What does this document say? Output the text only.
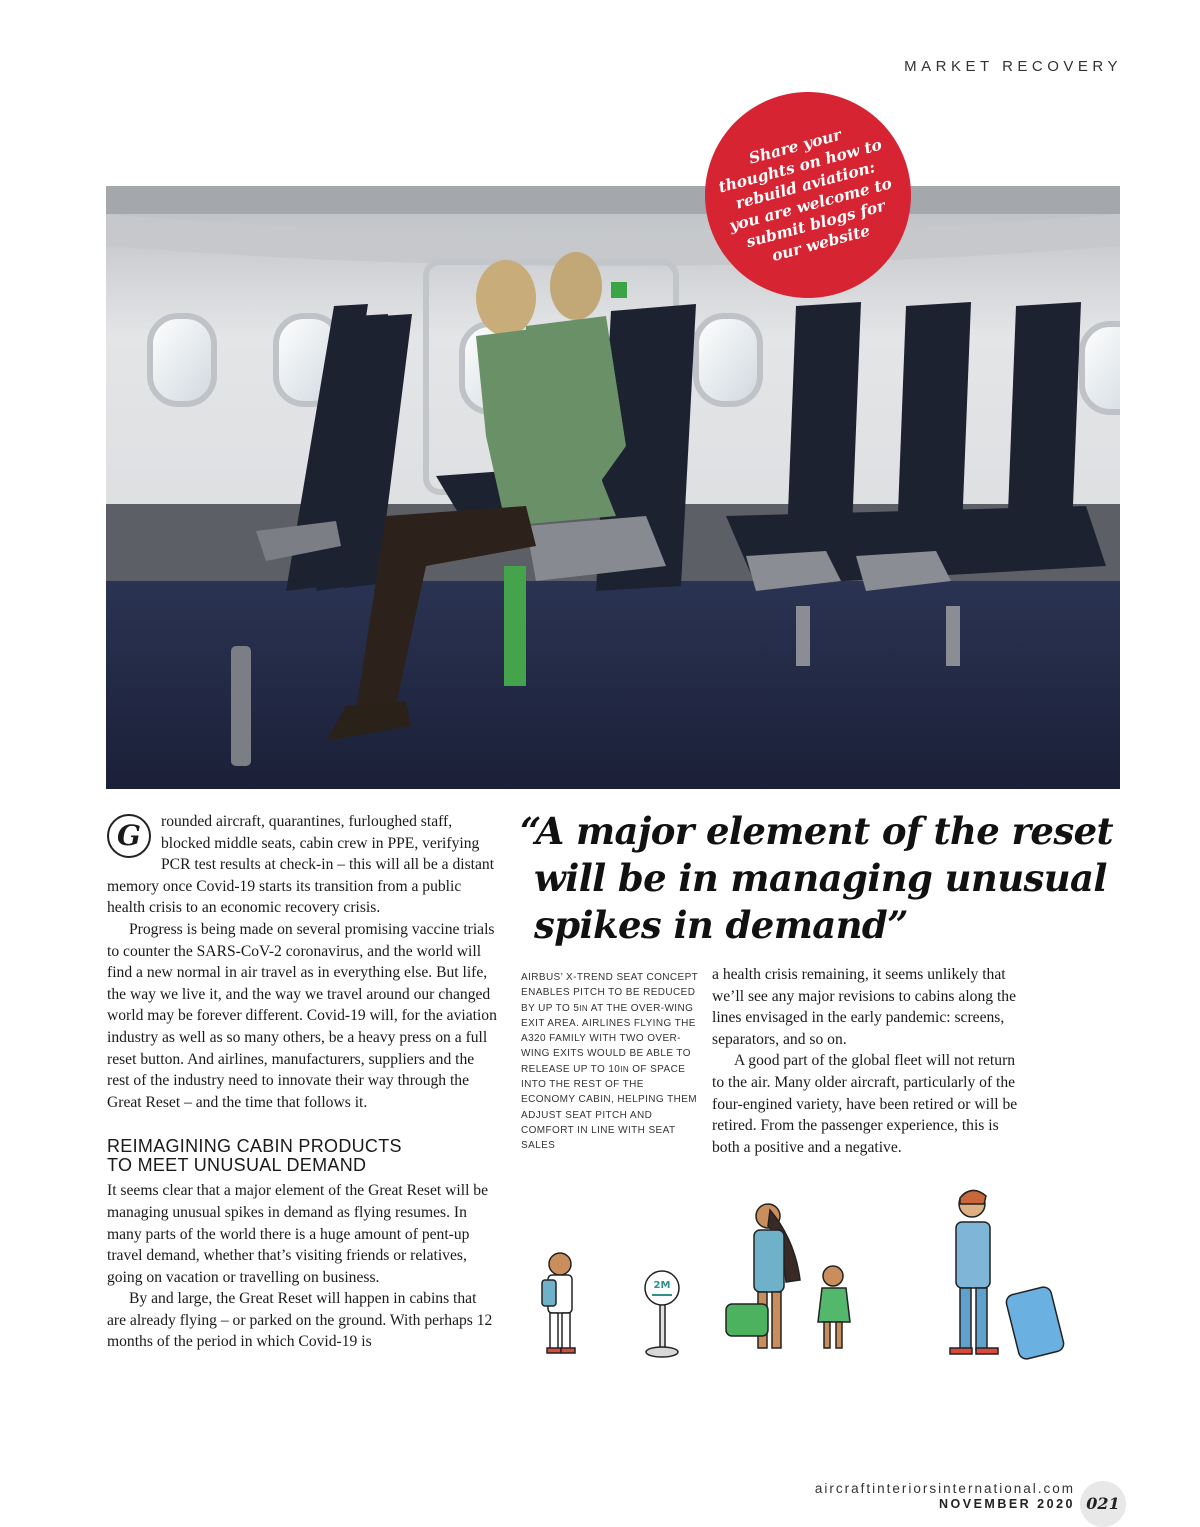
MARKET RECOVERY
Share your thoughts on how to rebuild aviation: you are welcome to submit blogs for our website

G	rounded aircraft, quarantines, furloughed staff, blocked middle seats, cabin crew in PPE, verifying PCR test results at check-in – this will all be a distant memory once Covid-19 starts its transition from a public health crisis to an economic recovery crisis.

Progress is being made on several promising vaccine trials to counter the SARS-CoV-2 coronavirus, and the world will find a new normal in air travel as in everything else. But life, the way we live it, and the way we travel around our changed world may be forever different. Covid-19 will, for the aviation industry as well as so many others, be a heavy press on a full reset button. And airlines, manufacturers, suppliers and the rest of the industry need to innovate their way through the Great Reset – and the time that follows it.

REIMAGINING CABIN PRODUCTS
TO MEET UNUSUAL DEMAND

It seems clear that a major element of the Great Reset will be managing unusual spikes in demand as flying resumes. In many parts of the world there is a huge amount of pent-up travel demand, whether that’s visiting friends or relatives, going on vacation or travelling on business.

By and large, the Great Reset will happen in cabins that are already flying – or parked on the ground. With perhaps 12 months of the period in which Covid-19 is

“A major element of the reset
will be in managing unusual
spikes in demand”
AIRBUS’ X-TREND SEAT CONCEPT ENABLES PITCH TO BE REDUCED BY UP TO 5IN AT THE OVER-WING EXIT AREA. AIRLINES FLYING THE A320 FAMILY WITH TWO OVER-WING EXITS WOULD BE ABLE TO RELEASE UP TO 10IN OF SPACE INTO THE REST OF THE ECONOMY CABIN, HELPING THEM ADJUST SEAT PITCH AND COMFORT IN LINE WITH SEAT SALES

a health crisis remaining, it seems unlikely that we’ll see any major revisions to cabins along the lines envisaged in the early pandemic: screens, separators, and so on.

A good part of the global fleet will not return to the air. Many older aircraft, particularly of the four-engined variety, have been retired or will be retired. From the passenger experience, this is both a positive and a negative.

2M
aircraftinteriorsinternational.com
NOVEMBER 2020 021
